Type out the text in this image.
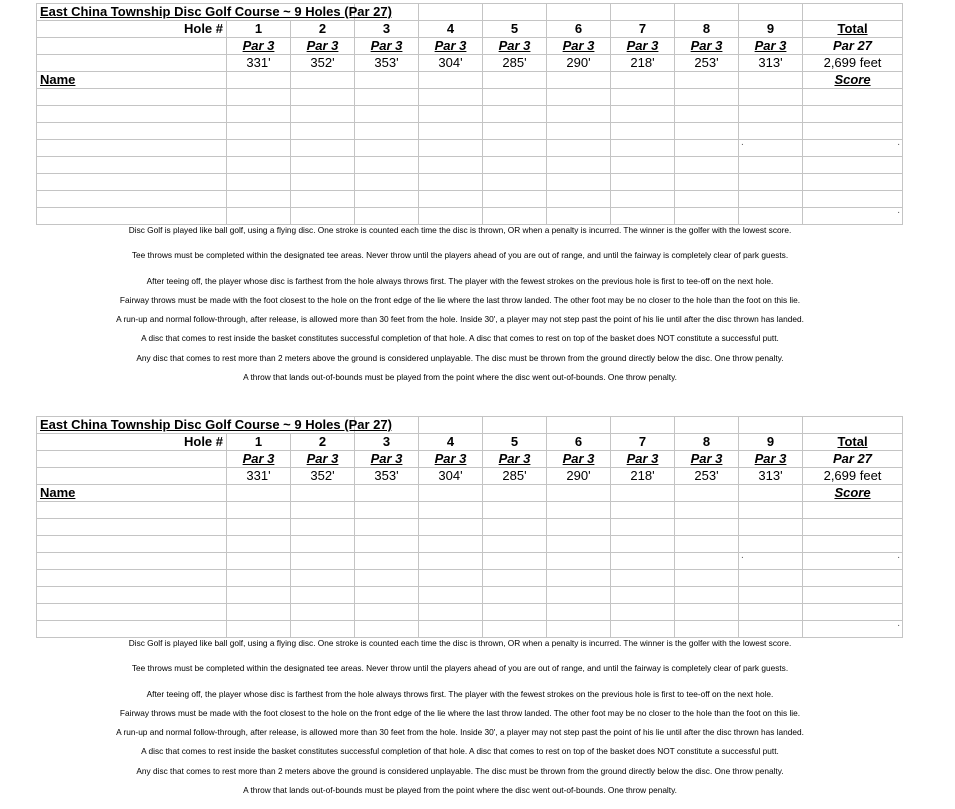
East China Township Disc Golf Course ~ 9 Holes (Par 27)										
Hole #	1	2	3	4	5	6	7	8	9	Total
	Par 3	Par 3	Par 3	Par 3	Par 3	Par 3	Par 3	Par 3	Par 3	Par 27
	331'	352'	353'	304'	285'	290'	218'	253'	313'	2,699 feet
Name										Score

									.	.

										.
Disc Golf is played like ball golf, using a flying disc. One stroke is counted each time the disc is thrown, OR when a penalty is incurred. The winner is the golfer with the lowest score.
Tee throws must be completed within the designated tee areas. Never throw until the players ahead of you are out of range, and until the fairway is completely clear of park guests.
After teeing off, the player whose disc is farthest from the hole always throws first. The player with the fewest strokes on the previous hole is first to tee-off on the next hole.
Fairway throws must be made with the foot closest to the hole on the front edge of the lie where the last throw landed. The other foot may be no closer to the hole than the foot on this lie.
A run-up and normal follow-through, after release, is allowed more than 30 feet from the hole. Inside 30', a player may not step past the point of his lie until after the disc thrown has landed.
A disc that comes to rest inside the basket constitutes successful completion of that hole. A disc that comes to rest on top of the basket does NOT constitute a successful putt.
Any disc that comes to rest more than 2 meters above the ground is considered unplayable. The disc must be thrown from the ground directly below the disc. One throw penalty.
A throw that lands out-of-bounds must be played from the point where the disc went out-of-bounds. One throw penalty.
East China Township Disc Golf Course ~ 9 Holes (Par 27)										
Hole #	1	2	3	4	5	6	7	8	9	Total
	Par 3	Par 3	Par 3	Par 3	Par 3	Par 3	Par 3	Par 3	Par 3	Par 27
	331'	352'	353'	304'	285'	290'	218'	253'	313'	2,699 feet
Name										Score

									.	.

										.
Disc Golf is played like ball golf, using a flying disc. One stroke is counted each time the disc is thrown, OR when a penalty is incurred. The winner is the golfer with the lowest score.
Tee throws must be completed within the designated tee areas. Never throw until the players ahead of you are out of range, and until the fairway is completely clear of park guests.
After teeing off, the player whose disc is farthest from the hole always throws first. The player with the fewest strokes on the previous hole is first to tee-off on the next hole.
Fairway throws must be made with the foot closest to the hole on the front edge of the lie where the last throw landed. The other foot may be no closer to the hole than the foot on this lie.
A run-up and normal follow-through, after release, is allowed more than 30 feet from the hole. Inside 30', a player may not step past the point of his lie until after the disc thrown has landed.
A disc that comes to rest inside the basket constitutes successful completion of that hole. A disc that comes to rest on top of the basket does NOT constitute a successful putt.
Any disc that comes to rest more than 2 meters above the ground is considered unplayable. The disc must be thrown from the ground directly below the disc. One throw penalty.
A throw that lands out-of-bounds must be played from the point where the disc went out-of-bounds. One throw penalty.
